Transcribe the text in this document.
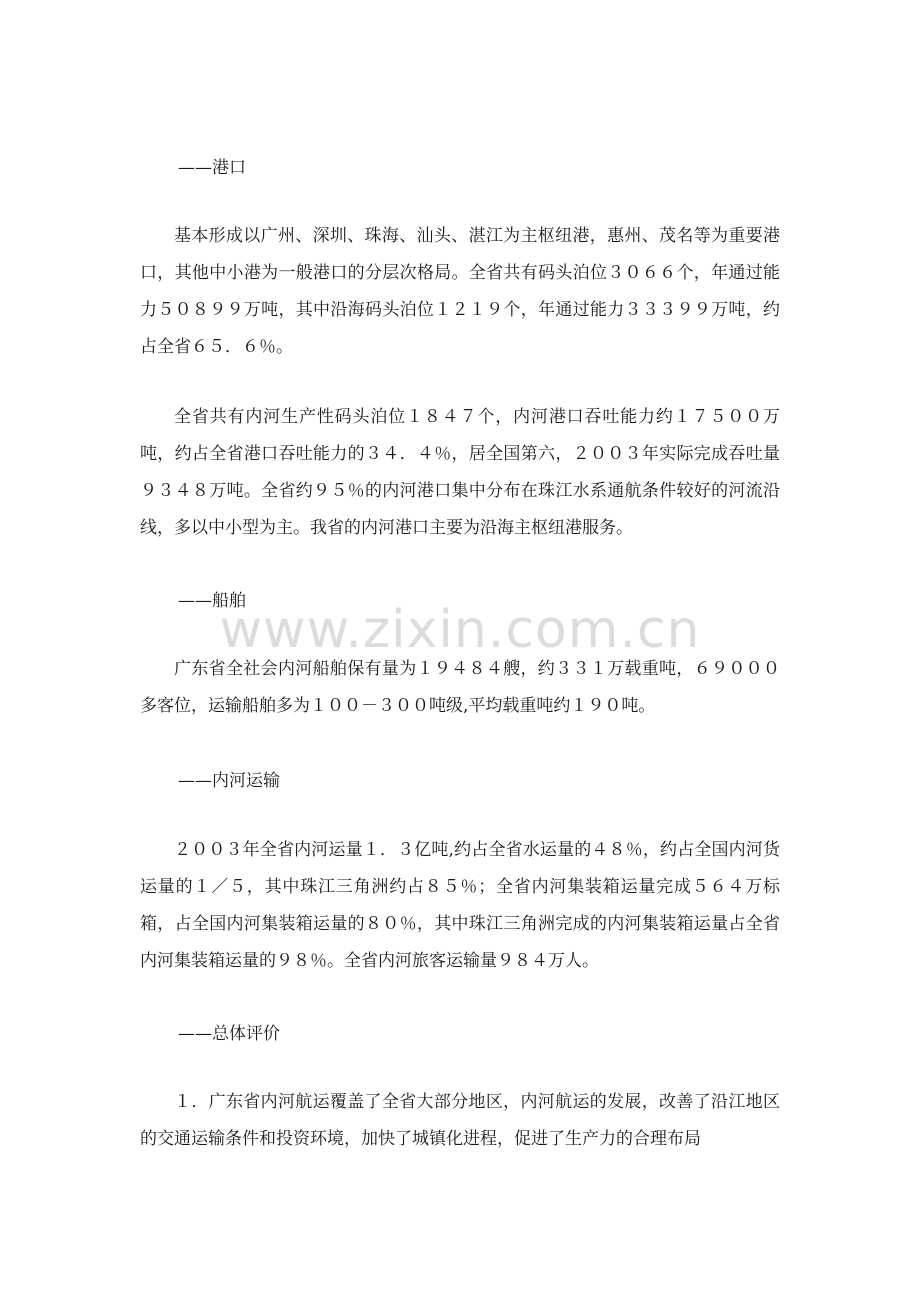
——港口

基本形成以广州、深圳、珠海、汕头、湛江为主枢纽港，惠州、茂名等为重要港口，其他中小港为一般港口的分层次格局。全省共有码头泊位３０６６个，年通过能力５０８９９万吨，其中沿海码头泊位１２１９个，年通过能力３３３９９万吨，约占全省６５．６％。

全省共有内河生产性码头泊位１８４７个，内河港口吞吐能力约１７５００万吨，约占全省港口吞吐能力的３４．４％，居全国第六，２００３年实际完成吞吐量９３４８万吨。全省约９５％的内河港口集中分布在珠江水系通航条件较好的河流沿线，多以中小型为主。我省的内河港口主要为沿海主枢纽港服务。

——船舶

广东省全社会内河船舶保有量为１９４８４艘，约３３１万载重吨，６９０００多客位，运输船舶多为１００－３００吨级,平均载重吨约１９０吨。

——内河运输

２００３年全省内河运量１．３亿吨,约占全省水运量的４８％，约占全国内河货运量的１／５，其中珠江三角洲约占８５％；全省内河集装箱运量完成５６４万标箱，占全国内河集装箱运量的８０％，其中珠江三角洲完成的内河集装箱运量占全省内河集装箱运量的９８％。全省内河旅客运输量９８４万人。

——总体评价

１．广东省内河航运覆盖了全省大部分地区，内河航运的发展，改善了沿江地区的交通运输条件和投资环境，加快了城镇化进程，促进了生产力的合理布局

www.zixin.com.cn
